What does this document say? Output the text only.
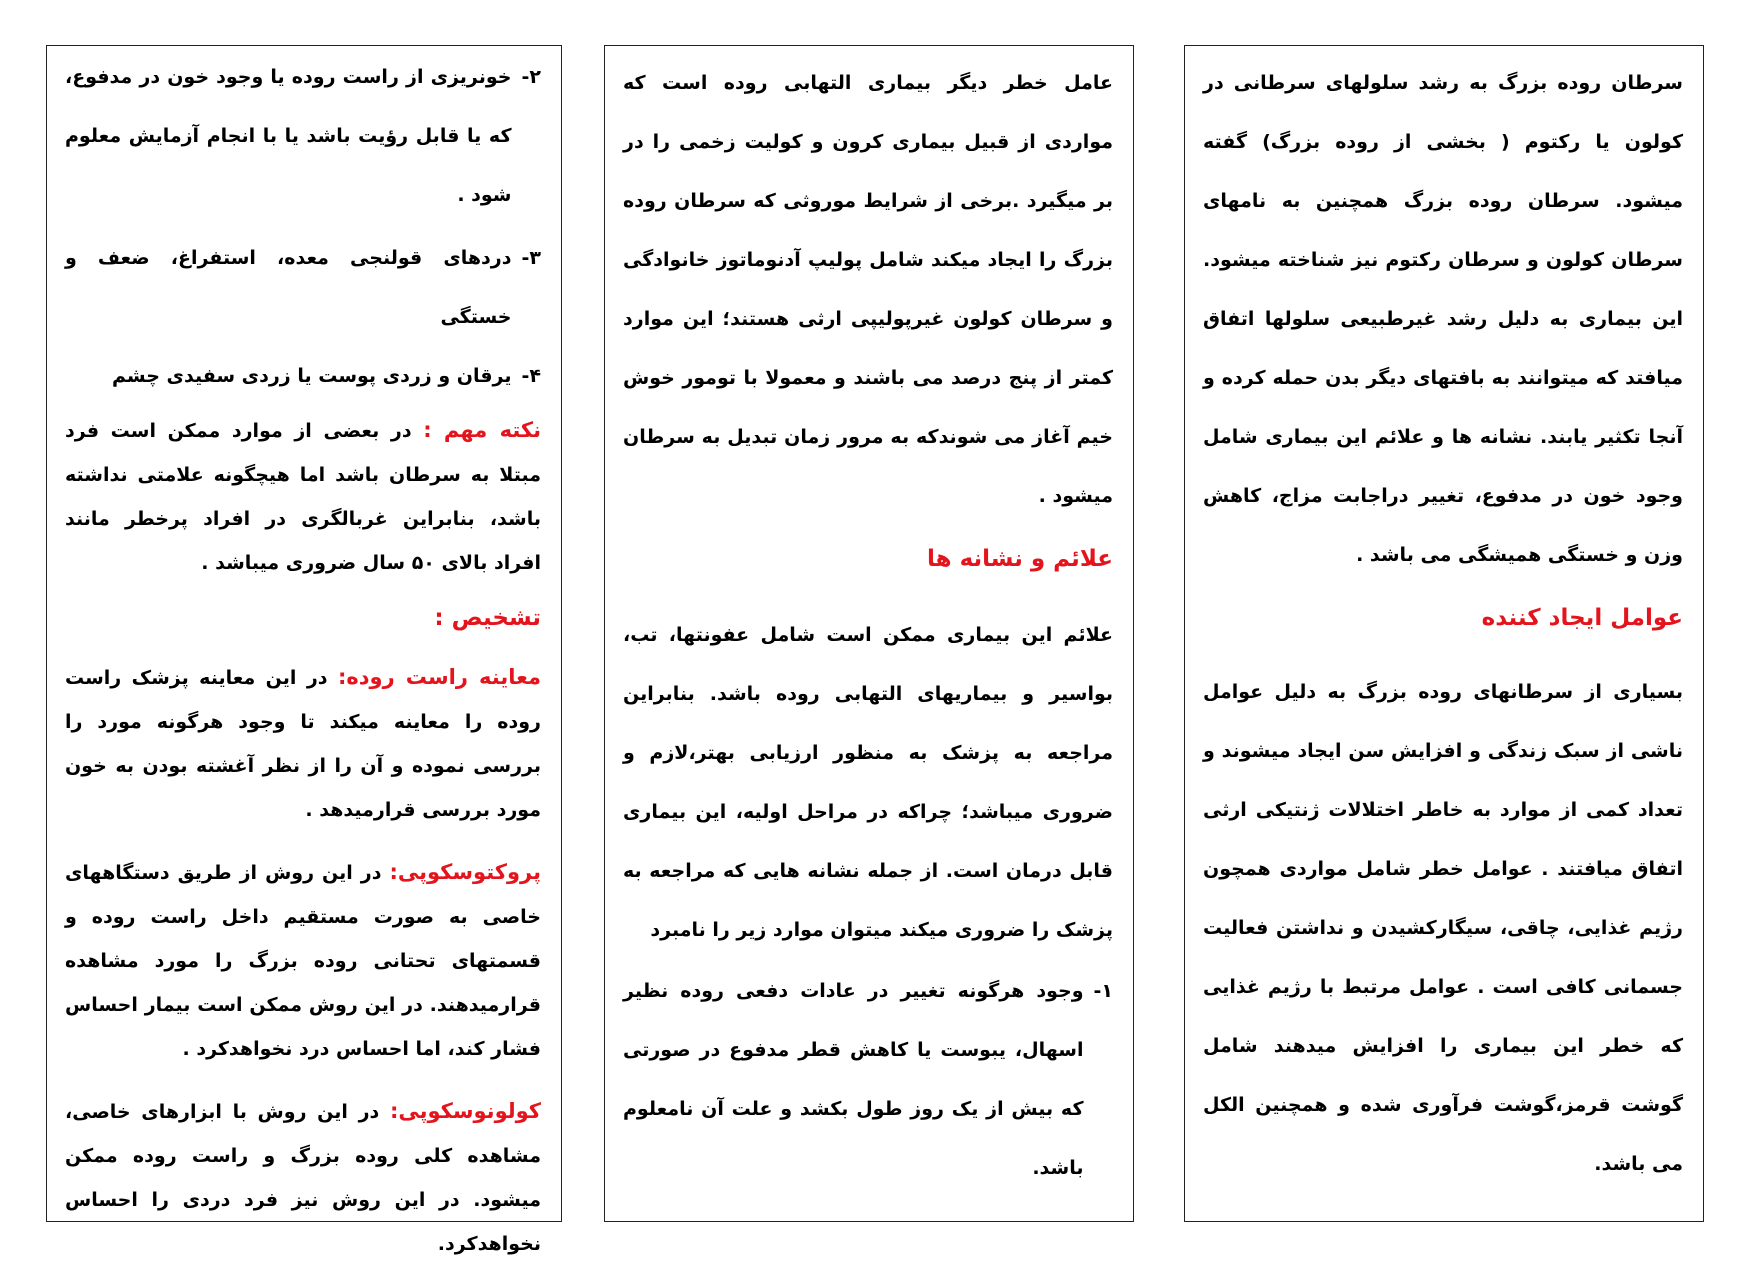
سرطان روده بزرگ به رشد سلولهای سرطانی در کولون یا رکتوم ( بخشی از روده بزرگ) گفته میشود. سرطان روده بزرگ همچنین به نامهای سرطان کولون و سرطان رکتوم نیز شناخته میشود. این بیماری به دلیل رشد غیرطبیعی سلولها اتفاق میافتد که میتوانند به بافتهای دیگر بدن حمله کرده و آنجا تکثیر یابند. نشانه ها و علائم این بیماری شامل وجود خون در مدفوع، تغییر دراجابت مزاج، کاهش وزن و خستگی همیشگی می باشد .

عوامل ایجاد کننده

بسیاری از سرطانهای روده بزرگ به دلیل عوامل ناشی از سبک زندگی و افزایش سن ایجاد میشوند و تعداد کمی از موارد به خاطر اختلالات ژنتیکی ارثی اتفاق میافتند . عوامل خطر شامل مواردی همچون رژیم غذایی، چاقی، سیگارکشیدن و نداشتن فعالیت جسمانی کافی است . عوامل مرتبط با رژیم غذایی که خطر این بیماری را افزایش میدهند شامل گوشت قرمز،گوشت فرآوری شده و همچنین الکل می باشد.

عامل خطر دیگر بیماری التهابی روده است که مواردی از قبیل بیماری کرون و کولیت زخمی را در بر میگیرد .برخی از شرایط موروثی که سرطان روده بزرگ را ایجاد میکند شامل پولیپ آدنوماتوز خانوادگی و سرطان کولون غیرپولیپی ارثی هستند؛ این موارد کمتر از پنج درصد می باشند و معمولا با تومور خوش خیم آغاز می شوندکه به مرور زمان تبدیل به سرطان میشود .

علائم و نشانه ها

علائم این بیماری ممکن است شامل عفونتها، تب، بواسیر و بیماریهای التهابی روده باشد. بنابراین مراجعه به پزشک به منظور ارزیابی بهتر،لازم و ضروری میباشد؛ چراکه در مراحل اولیه، این بیماری قابل درمان است. از جمله نشانه هایی که مراجعه به پزشک را ضروری میکند میتوان موارد زیر را نامبرد

۱-
وجود هرگونه تغییر در عادات دفعی روده نظیر اسهال، یبوست یا کاهش قطر مدفوع در صورتی که بیش از یک روز طول بکشد و علت آن نامعلوم باشد.
۲-
خونریزی از راست روده یا وجود خون در مدفوع، که یا قابل رؤیت باشد یا با انجام آزمایش معلوم شود .
۳-
دردهای قولنجی معده، استفراغ، ضعف و خستگی
۴-
یرقان و زردی پوست یا زردی سفیدی چشم

نکته مهم : در بعضی از موارد ممکن است فرد مبتلا به سرطان باشد اما هیچگونه علامتی نداشته باشد، بنابراین غربالگری در افراد پرخطر مانند افراد بالای ۵۰ سال ضروری میباشد .

تشخیص :

معاینه راست روده: در این معاینه پزشک راست روده را معاینه میکند تا وجود هرگونه مورد را بررسی نموده و آن را از نظر آغشته بودن به خون مورد بررسی قرارمیدهد .

پروکتوسکوپی: در این روش از طریق دستگاههای خاصی به صورت مستقیم داخل راست روده و قسمتهای تحتانی روده بزرگ را مورد مشاهده قرارمیدهند. در این روش ممکن است بیمار احساس فشار کند، اما احساس درد نخواهدکرد .

کولونوسکوپی: در این روش با ابزارهای خاصی، مشاهده کلی روده بزرگ و راست روده ممکن میشود. در این روش نیز فرد دردی را احساس نخواهدکرد.
